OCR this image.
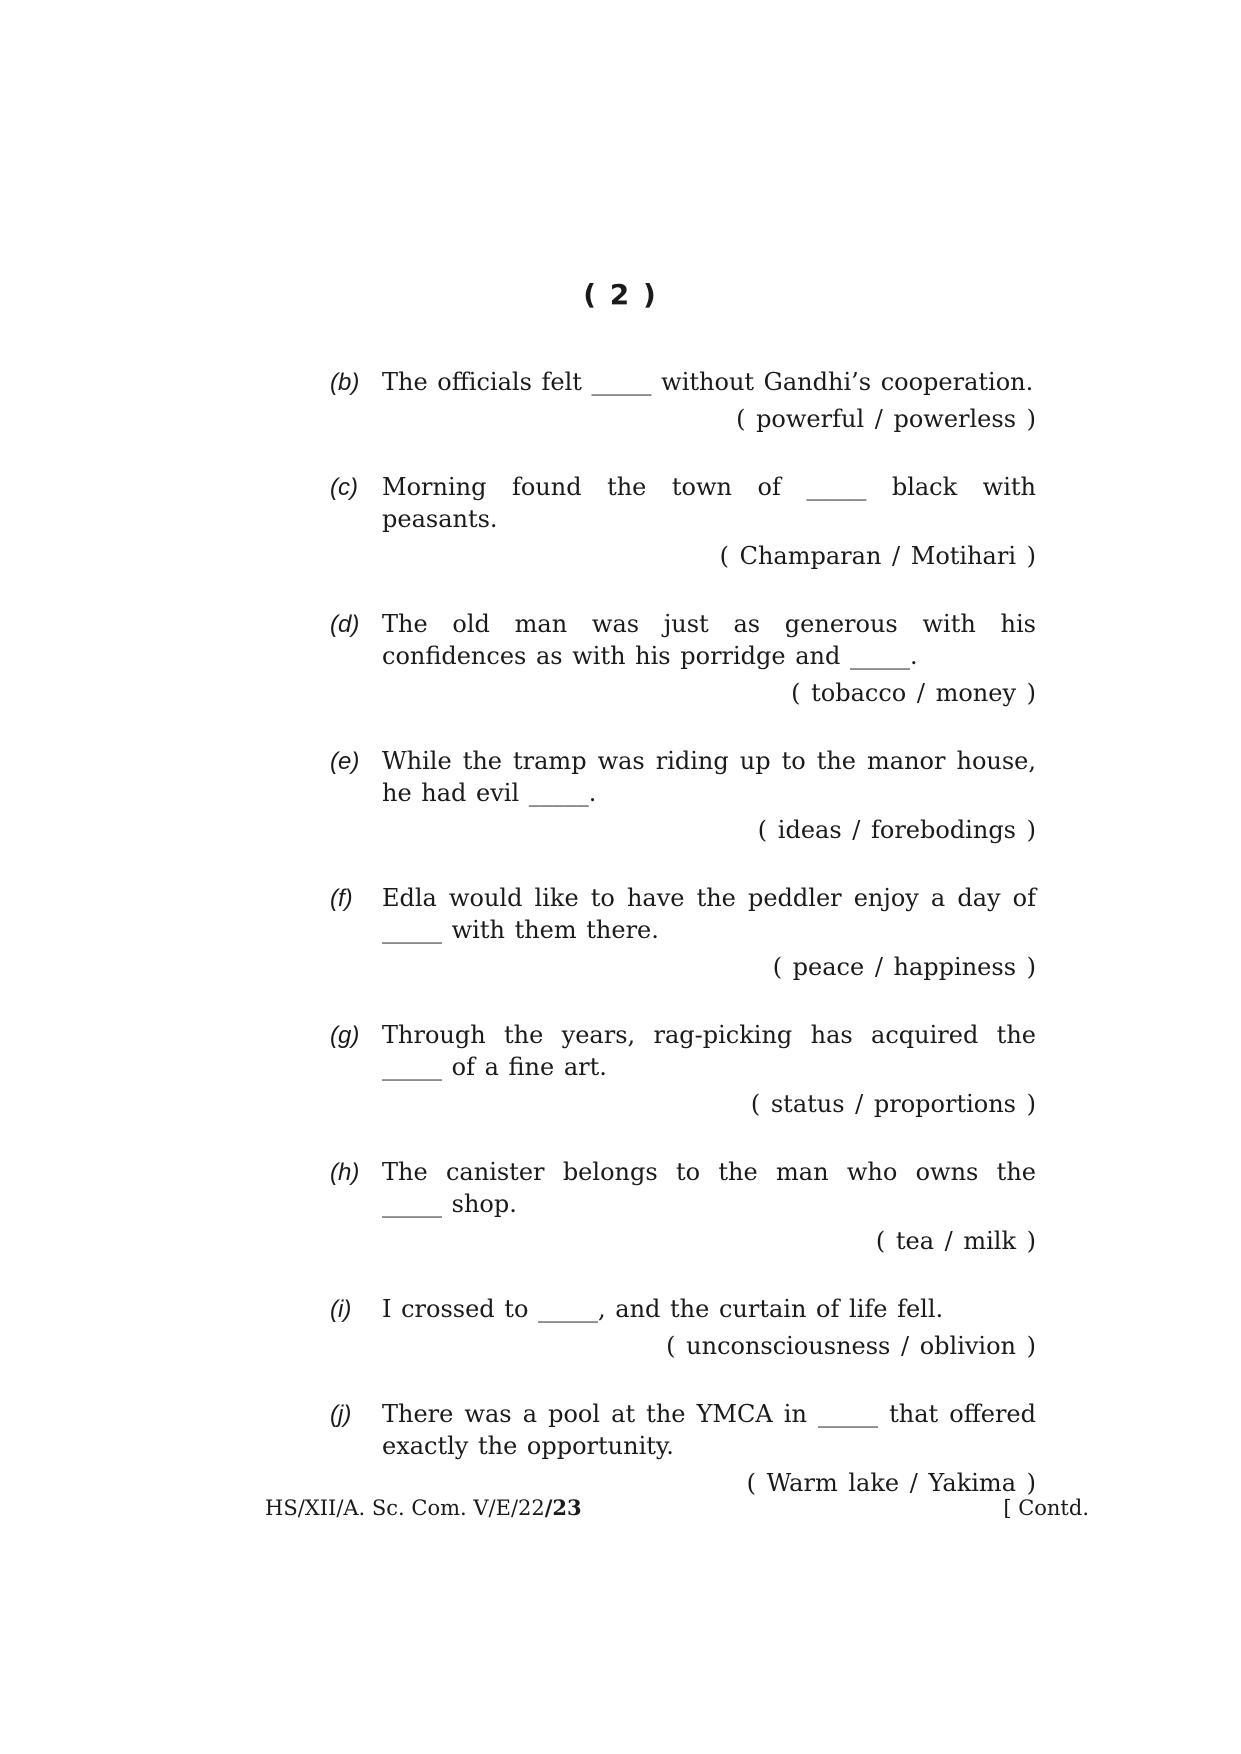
( 2 )
(b) The officials felt _____ without Gandhi’s cooperation.
( powerful / powerless )
(c)	Morning found the town of _____ black with peasants.
( Champaran / Motihari )
(d) The old man was just as generous with his confidences as with his porridge and _____.
( tobacco / money )
(e) While the tramp was riding up to the manor house, he had evil _____.
( ideas / forebodings )
(f)	Edla would like to have the peddler enjoy a day of _____ with them there.
( peace / happiness )
(g) Through the years, rag-picking has acquired the _____ of a fine art.
( status / proportions )
(h) The canister belongs to the man who owns the _____ shop.
( tea / milk )
(i)	I crossed to _____, and the curtain of life fell.
( unconsciousness / oblivion )
(j)	There was a pool at the YMCA in _____ that offered exactly the opportunity.
( Warm lake / Yakima )
HS/XII/A. Sc. Com. V/E/22/23	[ Contd.
